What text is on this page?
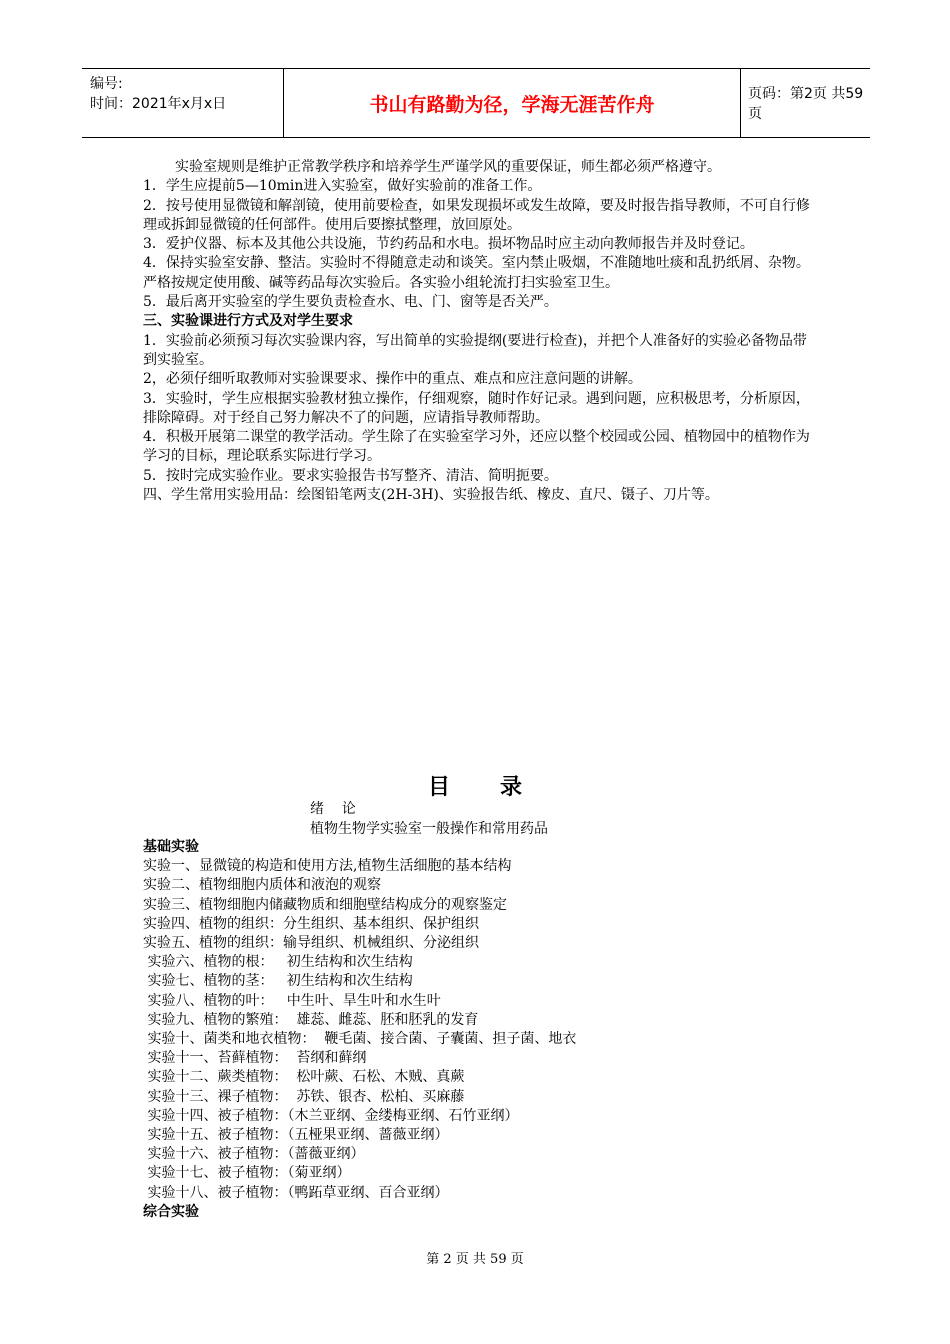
编号:
时间：2021年x月x日	书山有路勤为径，学海无涯苦作舟	页码：第2页 共59页

实验室规则是维护正常教学秩序和培养学生严谨学风的重要保证，师生都必须严格遵守。

1．学生应提前5—10min进入实验室，做好实验前的准备工作。

2．按号使用显微镜和解剖镜，使用前要检查，如果发现损坏或发生故障，要及时报告指导教师，不可自行修理或拆卸显微镜的任何部件。使用后要擦拭整理，放回原处。

3．爱护仪器、标本及其他公共设施，节约药品和水电。损坏物品时应主动向教师报告并及时登记。

4．保持实验室安静、整洁。实验时不得随意走动和谈笑。室内禁止吸烟，不准随地吐痰和乱扔纸屑、杂物。严格按规定使用酸、碱等药品每次实验后。各实验小组轮流打扫实验室卫生。

5．最后离开实验室的学生要负责检查水、电、门、窗等是否关严。

三、实验课进行方式及对学生要求

1．实验前必须预习每次实验课内容，写出简单的实验提纲(要进行检查)，并把个人准备好的实验必备物品带到实验室。

2，必须仔细听取教师对实验课要求、操作中的重点、难点和应注意问题的讲解。

3．实验时，学生应根据实验教材独立操作，仔细观察，随时作好记录。遇到问题，应积极思考，分析原因，排除障碍。对于经自己努力解决不了的问题，应请指导教师帮助。

4．积极开展第二课堂的教学活动。学生除了在实验室学习外，还应以整个校园或公园、植物园中的植物作为学习的目标，理论联系实际进行学习。

5．按时完成实验作业。要求实验报告书写整齐、清洁、简明扼要。

四、学生常用实验用品：绘图铅笔两支(2H-3H)、实验报告纸、橡皮、直尺、镊子、刀片等。

目录
绪    论
植物生物学实验室一般操作和常用药品
基础实验
实验一、显微镜的构造和使用方法,植物生活细胞的基本结构
实验二、植物细胞内质体和液泡的观察
实验三、植物细胞内储藏物质和细胞壁结构成分的观察鉴定
实验四、植物的组织：分生组织、基本组织、保护组织
实验五、植物的组织：输导组织、机械组织、分泌组织
实验六、植物的根：   初生结构和次生结构
实验七、植物的茎：   初生结构和次生结构
实验八、植物的叶：   中生叶、旱生叶和水生叶
实验九、植物的繁殖：  雄蕊、雌蕊、胚和胚乳的发育
实验十、菌类和地衣植物：  鞭毛菌、接合菌、子囊菌、担子菌、地衣
实验十一、苔藓植物：  苔纲和藓纲
实验十二、蕨类植物：  松叶蕨、石松、木贼、真蕨
实验十三、裸子植物：  苏铁、银杏、松柏、买麻藤
实验十四、被子植物：（木兰亚纲、金缕梅亚纲、石竹亚纲）
实验十五、被子植物：（五桠果亚纲、蔷薇亚纲）
实验十六、被子植物：（蔷薇亚纲）
实验十七、被子植物：（菊亚纲）
实验十八、被子植物：（鸭跖草亚纲、百合亚纲）
综合实验
第 2 页 共 59 页
